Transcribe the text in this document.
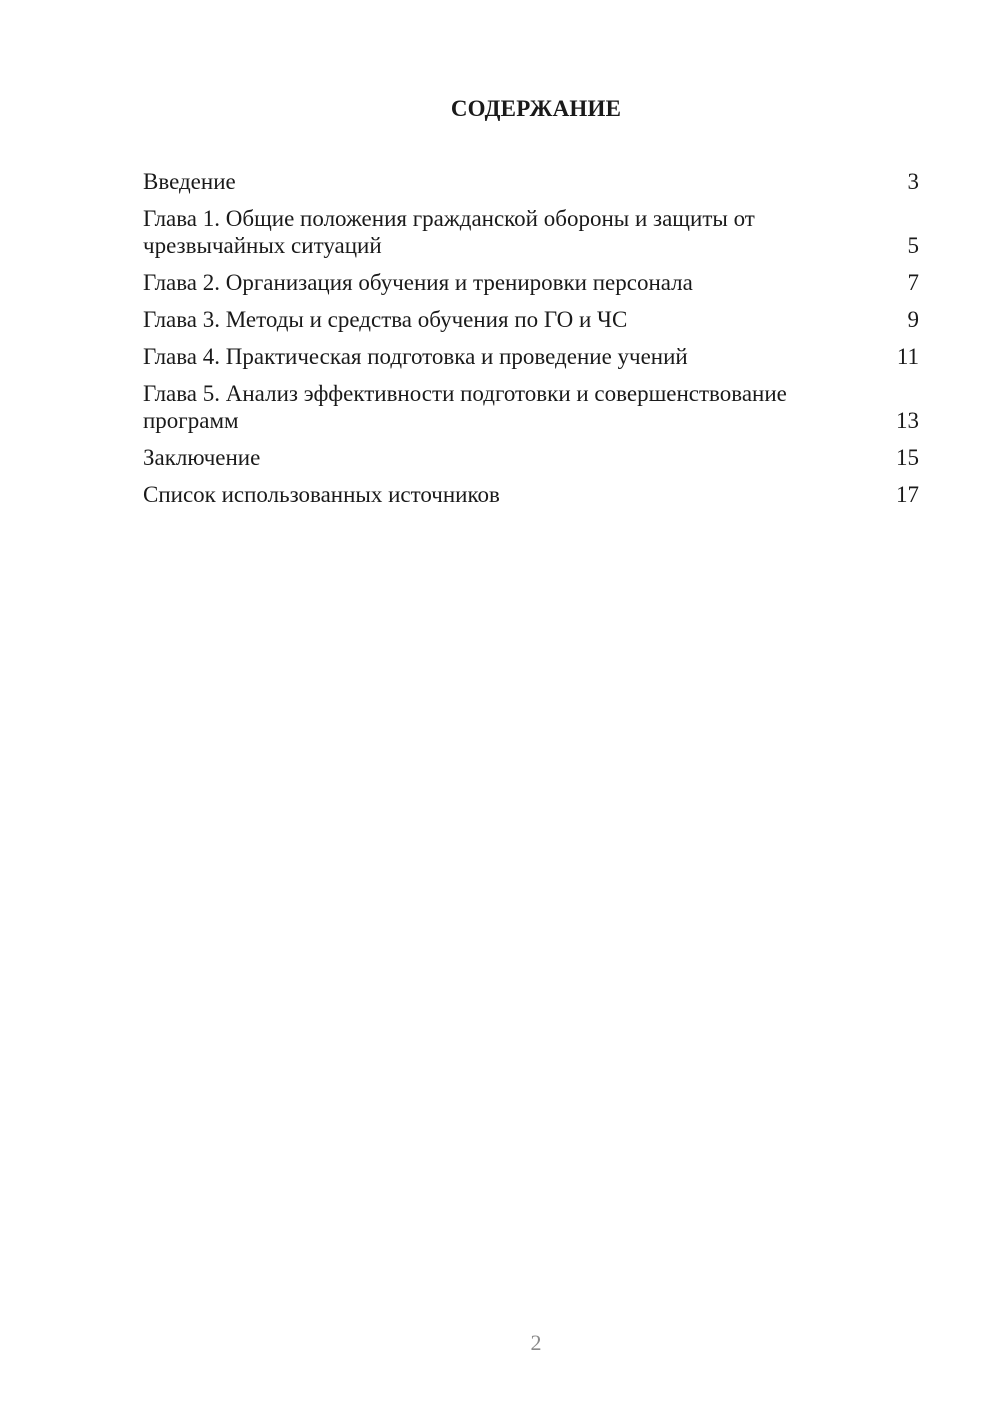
СОДЕРЖАНИЕ
Введение	3
Глава 1. Общие положения гражданской обороны и защиты от чрезвычайных ситуаций	5
Глава 2. Организация обучения и тренировки персонала	7
Глава 3. Методы и средства обучения по ГО и ЧС	9
Глава 4. Практическая подготовка и проведение учений	11
Глава 5. Анализ эффективности подготовки и совершенствование программ	13
Заключение	15
Список использованных источников	17
2
